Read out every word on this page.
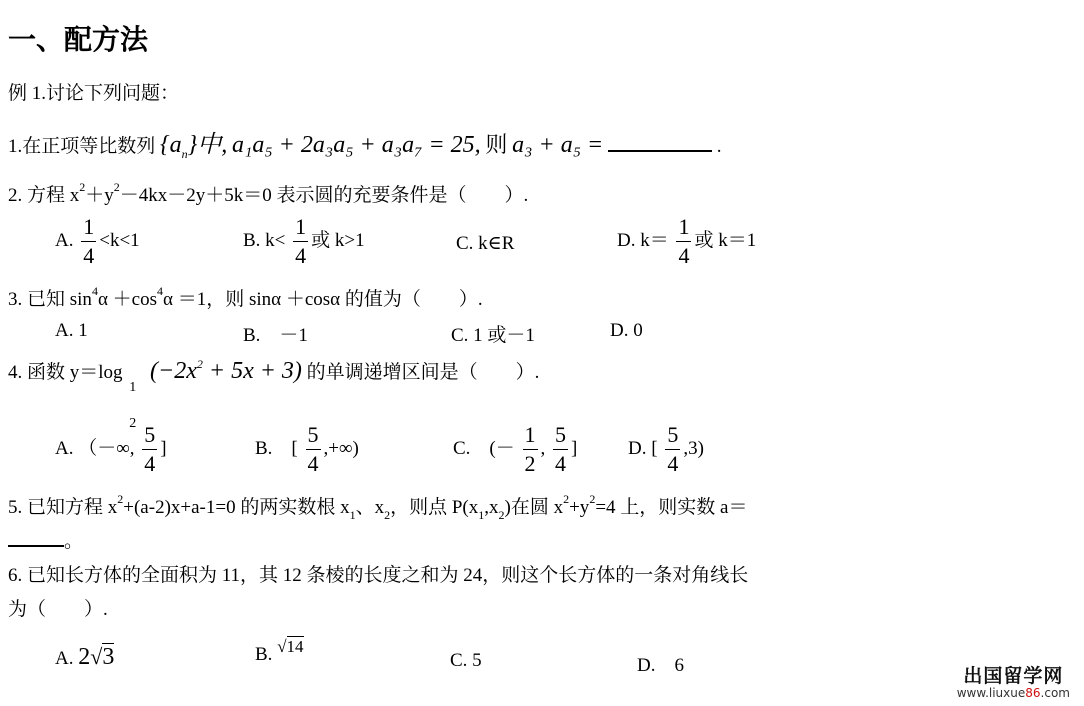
一、配方法
例 1.讨论下列问题：
1.在正项等比数列 $\{a_n\}$中, a₁a₅ + 2a₃a₅ + a₃a₇ = 25, 则 a₃ + a₅ =	.
2. 方程 $x^2+y^2-4kx-2y+5k=0$ 表示圆的充要条件是（　　）.
A. $\frac{1}{4} <k<1$	B. $k< \frac{1}{4}$ 或 k>1	C. k∈R	D. $k= \frac{1}{4}$ 或 k＝1
3. 已知 $\sin^4\alpha +\cos^4\alpha =1$，则 sinα ＋cosα 的值为（　　）.
A. 1	B.　－1	C. 1 或－1	D. 0
4. 函数 y＝log
1
2
$(-2x^2 + 5x + 3)$ 的单调递增区间是（　　）.
A. （－∞, $\frac{5}{4}$ ]	B.　[ $\frac{5}{4}$ ,+∞)	C.　(－ $\frac{1}{2}$ , $\frac{5}{4}$ ]	D. [ $\frac{5}{4} ,3$)
5. 已知方程 $x^2+(a-2)x+a-1=0$ 的两实数根 $x_1$、$x_2$，则点 $P(x_1,x_2)$在圆 $x^2+y^2=4$ 上，则实数 a＝
。
6. 已知长方体的全面积为 11，其 12 条棱的长度之和为 24，则这个长方体的一条对角线长
为（　　）.
A. 2√3	B. √14
C. 5	D.　6	出国留学网
www.liuxue86.com
